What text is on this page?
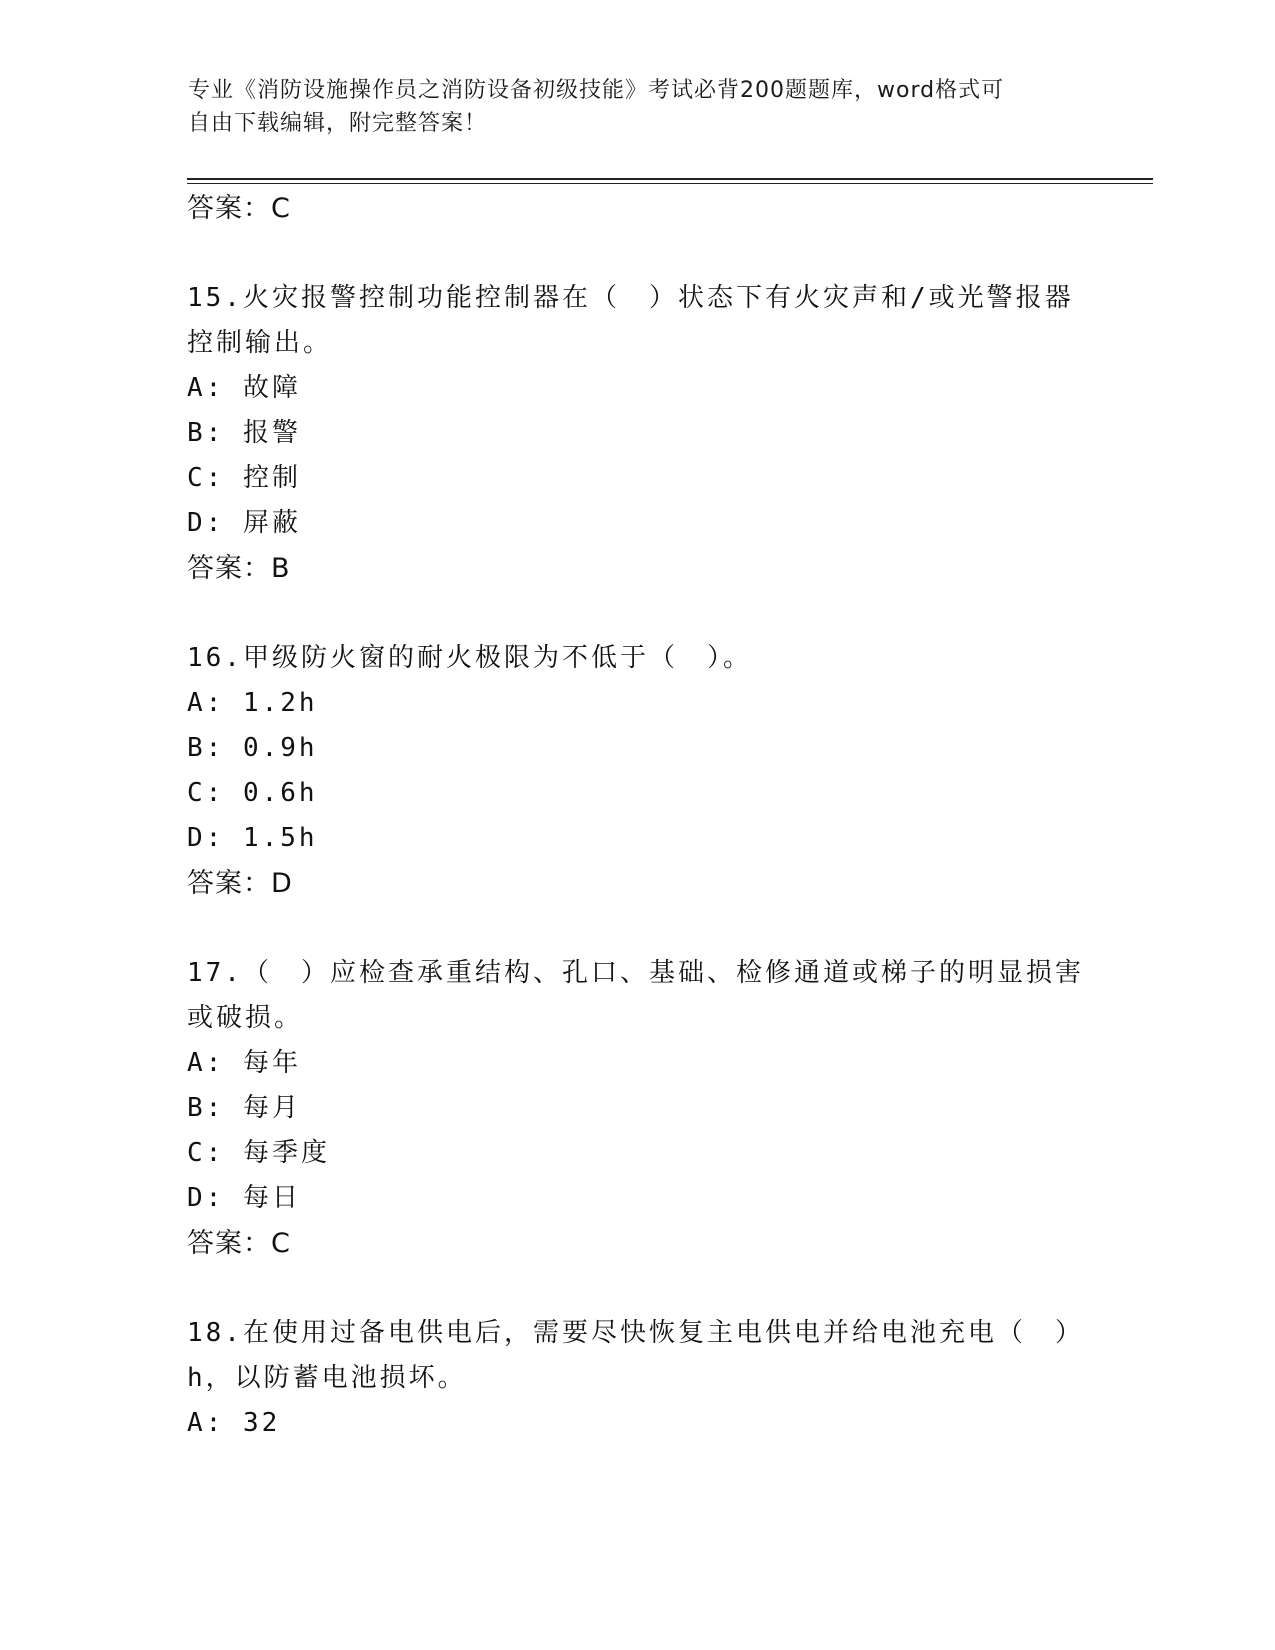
专业《消防设施操作员之消防设备初级技能》考试必背200题题库，word格式可
自由下载编辑，附完整答案！
答案：C
15.火灾报警控制功能控制器在（　）状态下有火灾声和/或光警报器
控制输出。
A: 故障
B: 报警
C: 控制
D: 屏蔽
答案：B
16.甲级防火窗的耐火极限为不低于（　）。
A: 1.2h
B: 0.9h
C: 0.6h
D: 1.5h
答案：D
17.（　）应检查承重结构、孔口、基础、检修通道或梯子的明显损害
或破损。
A: 每年
B: 每月
C: 每季度
D: 每日
答案：C
18.在使用过备电供电后，需要尽快恢复主电供电并给电池充电（　）
h，以防蓄电池损坏。
A: 32
